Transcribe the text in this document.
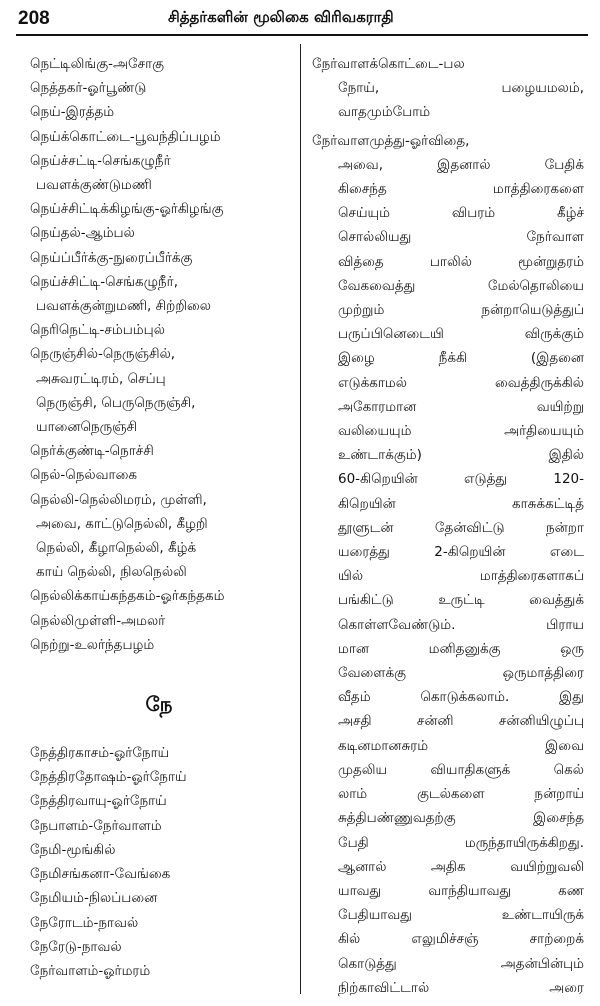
208	சித்தர்களின் மூலிகை விரிவகராதி
நெட்டிலிங்கு-அசோகு
நெத்தகர்-ஓர்பூண்டு
நெய்-இரத்தம்
நெய்க்கொட்டை-பூவந்திப்பழம்
நெய்ச்சட்டி-செங்கழுநீர்
பவளக்குண்டுமணி
நெய்ச்சிட்டிக்கிழங்கு-ஓர்கிழங்கு
நெய்தல்-ஆம்பல்
நெய்ப்பீர்க்கு-நுரைப்பீர்க்கு
நெய்ச்சிட்டி-செங்கழுநீர்,
பவளக்குன்றுமணி, சிற்றிலை
நெரிநெட்டி-சம்பம்புல்
நெருஞ்சில்-நெருஞ்சில்,
அசுவரட்டிரம், செப்பு
நெருஞ்சி, பெருநெருஞ்சி,
யானைநெருஞ்சி
நெர்க்குண்டி-நொச்சி
நெல்-நெல்வாகை
நெல்லி-நெல்லிமரம், முள்ளி,
அவை, காட்டுநெல்லி, கீழறி
நெல்லி, கீழாநெல்லி, கீழ்க்
காய் நெல்லி, நிலநெல்லி
நெல்லிக்காய்கந்தகம்-ஓர்கந்தகம்
நெல்லிமுள்ளி-அமலர்
நெற்று-உலர்ந்தபழம்
நே
நேத்திரகாசம்-ஓர்நோய்
நேத்திரதோஷம்-ஓர்நோய்
நேத்திரவாயு-ஓர்நோய்
நேபாளம்-நேர்வாளம்
நேமி-மூங்கில்
நேமிசங்கனா-வேங்கை
நேமியம்-நிலப்பனை
நேரோடம்-நாவல்
நேரேடு-நாவல்
நேர்வாளம்-ஓர்மரம்
நேர்வாளக்கொட்டை-பல
நோய், பழையமலம்,
வாதமும்போம்
நேர்வாளமுத்து-ஓர்விதை,
அவை, இதனால் பேதிக்
கிசைந்த மாத்திரைகளை
செய்யும் விபரம் கீழ்ச்
சொல்லியது நேர்வாள
வித்தை பாலில் மூன்றுதரம்
வேகவைத்து மேல்தொலியை
முற்றும் நன்றாயெடுத்துப்
பருப்பினெடையி விருக்கும்
இழை நீக்கி (இதனை
எடுக்காமல் வைத்திருக்கில்
அகோரமான வயிற்று
வலியையும் அர்தியையும்
உண்டாக்கும்) இதில்
60-கிறெயின் எடுத்து 120-
கிறெயின் காசுக்கட்டித்
தூளுடன் தேன்விட்டு நன்றா
யரைத்து 2-கிறெயின் எடை
யில் மாத்திரைகளாகப்
பங்கிட்டு உருட்டி வைத்துக்
கொள்ளவேண்டும். பிராய
மான மனிதனுக்கு ஒரு
வேளைக்கு ஒருமாத்திரை
வீதம் கொடுக்கலாம். இது
அசதி சன்னி சன்னியிழுப்பு
கடினமானசுரம் இவை
முதலிய வியாதிகளுக் கெல்
லாம் குடல்களை நன்றாய்
சுத்திபண்ணுவதற்கு இசைந்த
பேதி மருந்தாயிருக்கிறது.
ஆனால் அதிக வயிற்றுவலி
யாவது வாந்தியாவது கண
பேதியாவது உண்டாயிருக்
கில் எலுமிச்சஞ் சாற்றைக்
கொடுத்து அதன்பின்பும்
நிற்காவிட்டால் அரை
